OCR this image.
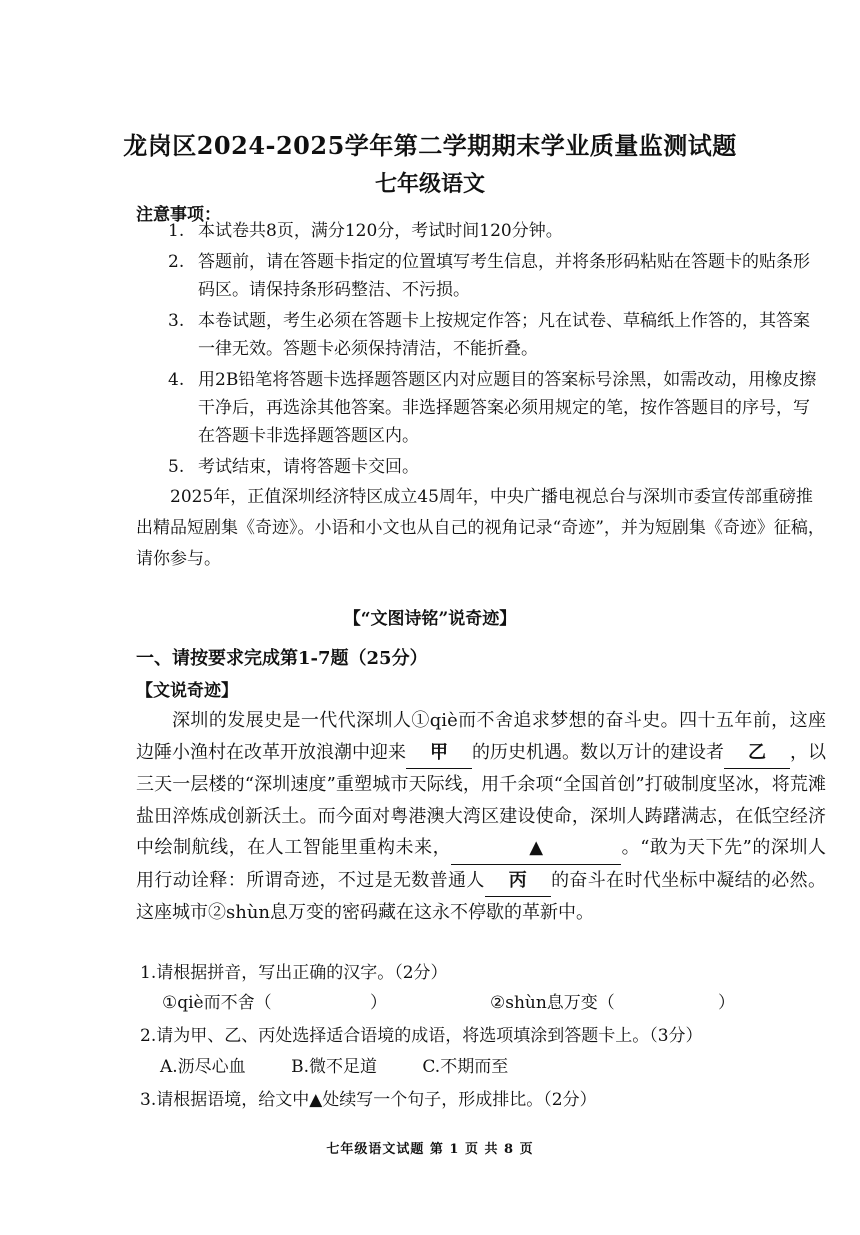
龙岗区2024-2025学年第二学期期末学业质量监测试题
七年级语文
注意事项：
1. 本试卷共8页，满分120分，考试时间120分钟。
2. 答题前，请在答题卡指定的位置填写考生信息，并将条形码粘贴在答题卡的贴条形码区。请保持条形码整洁、不污损。
3. 本卷试题，考生必须在答题卡上按规定作答；凡在试卷、草稿纸上作答的，其答案一律无效。答题卡必须保持清洁，不能折叠。
4. 用2B铅笔将答题卡选择题答题区内对应题目的答案标号涂黑，如需改动，用橡皮擦干净后，再选涂其他答案。非选择题答案必须用规定的笔，按作答题目的序号，写在答题卡非选择题答题区内。
5. 考试结束，请将答题卡交回。
2025年，正值深圳经济特区成立45周年，中央广播电视总台与深圳市委宣传部重磅推出精品短剧集《奇迹》。小语和小文也从自己的视角记录“奇迹”，并为短剧集《奇迹》征稿，请你参与。
【“文图诗铭”说奇迹】
一、请按要求完成第1-7题（25分）
【文说奇迹】
深圳的发展史是一代代深圳人①qiè而不舍追求梦想的奋斗史。四十五年前，这座边陲小渔村在改革开放浪潮中迎来 甲 的历史机遇。数以万计的建设者 乙 ，以三天一层楼的“深圳速度”重塑城市天际线，用千余项“全国首创”打破制度坚冰，将荒滩盐田淬炼成创新沃土。而今面对粤港澳大湾区建设使命，深圳人踌躇满志，在低空经济中绘制航线，在人工智能里重构未来，	▲	。“敢为天下先”的深圳人用行动诠释：所谓奇迹，不过是无数普通人 丙 的奋斗在时代坐标中凝结的必然。这座城市②shùn息万变的密码藏在这永不停歇的革新中。
1.请根据拼音，写出正确的汉字。（2分）
①qiè而不舍（	）	②shùn息万变（	）
2.请为甲、乙、丙处选择适合语境的成语，将选项填涂到答题卡上。（3分）
A.沥尽心血	B.微不足道	C.不期而至
3.请根据语境，给文中▲处续写一个句子，形成排比。（2分）
七年级语文试题 第 1 页 共 8 页
